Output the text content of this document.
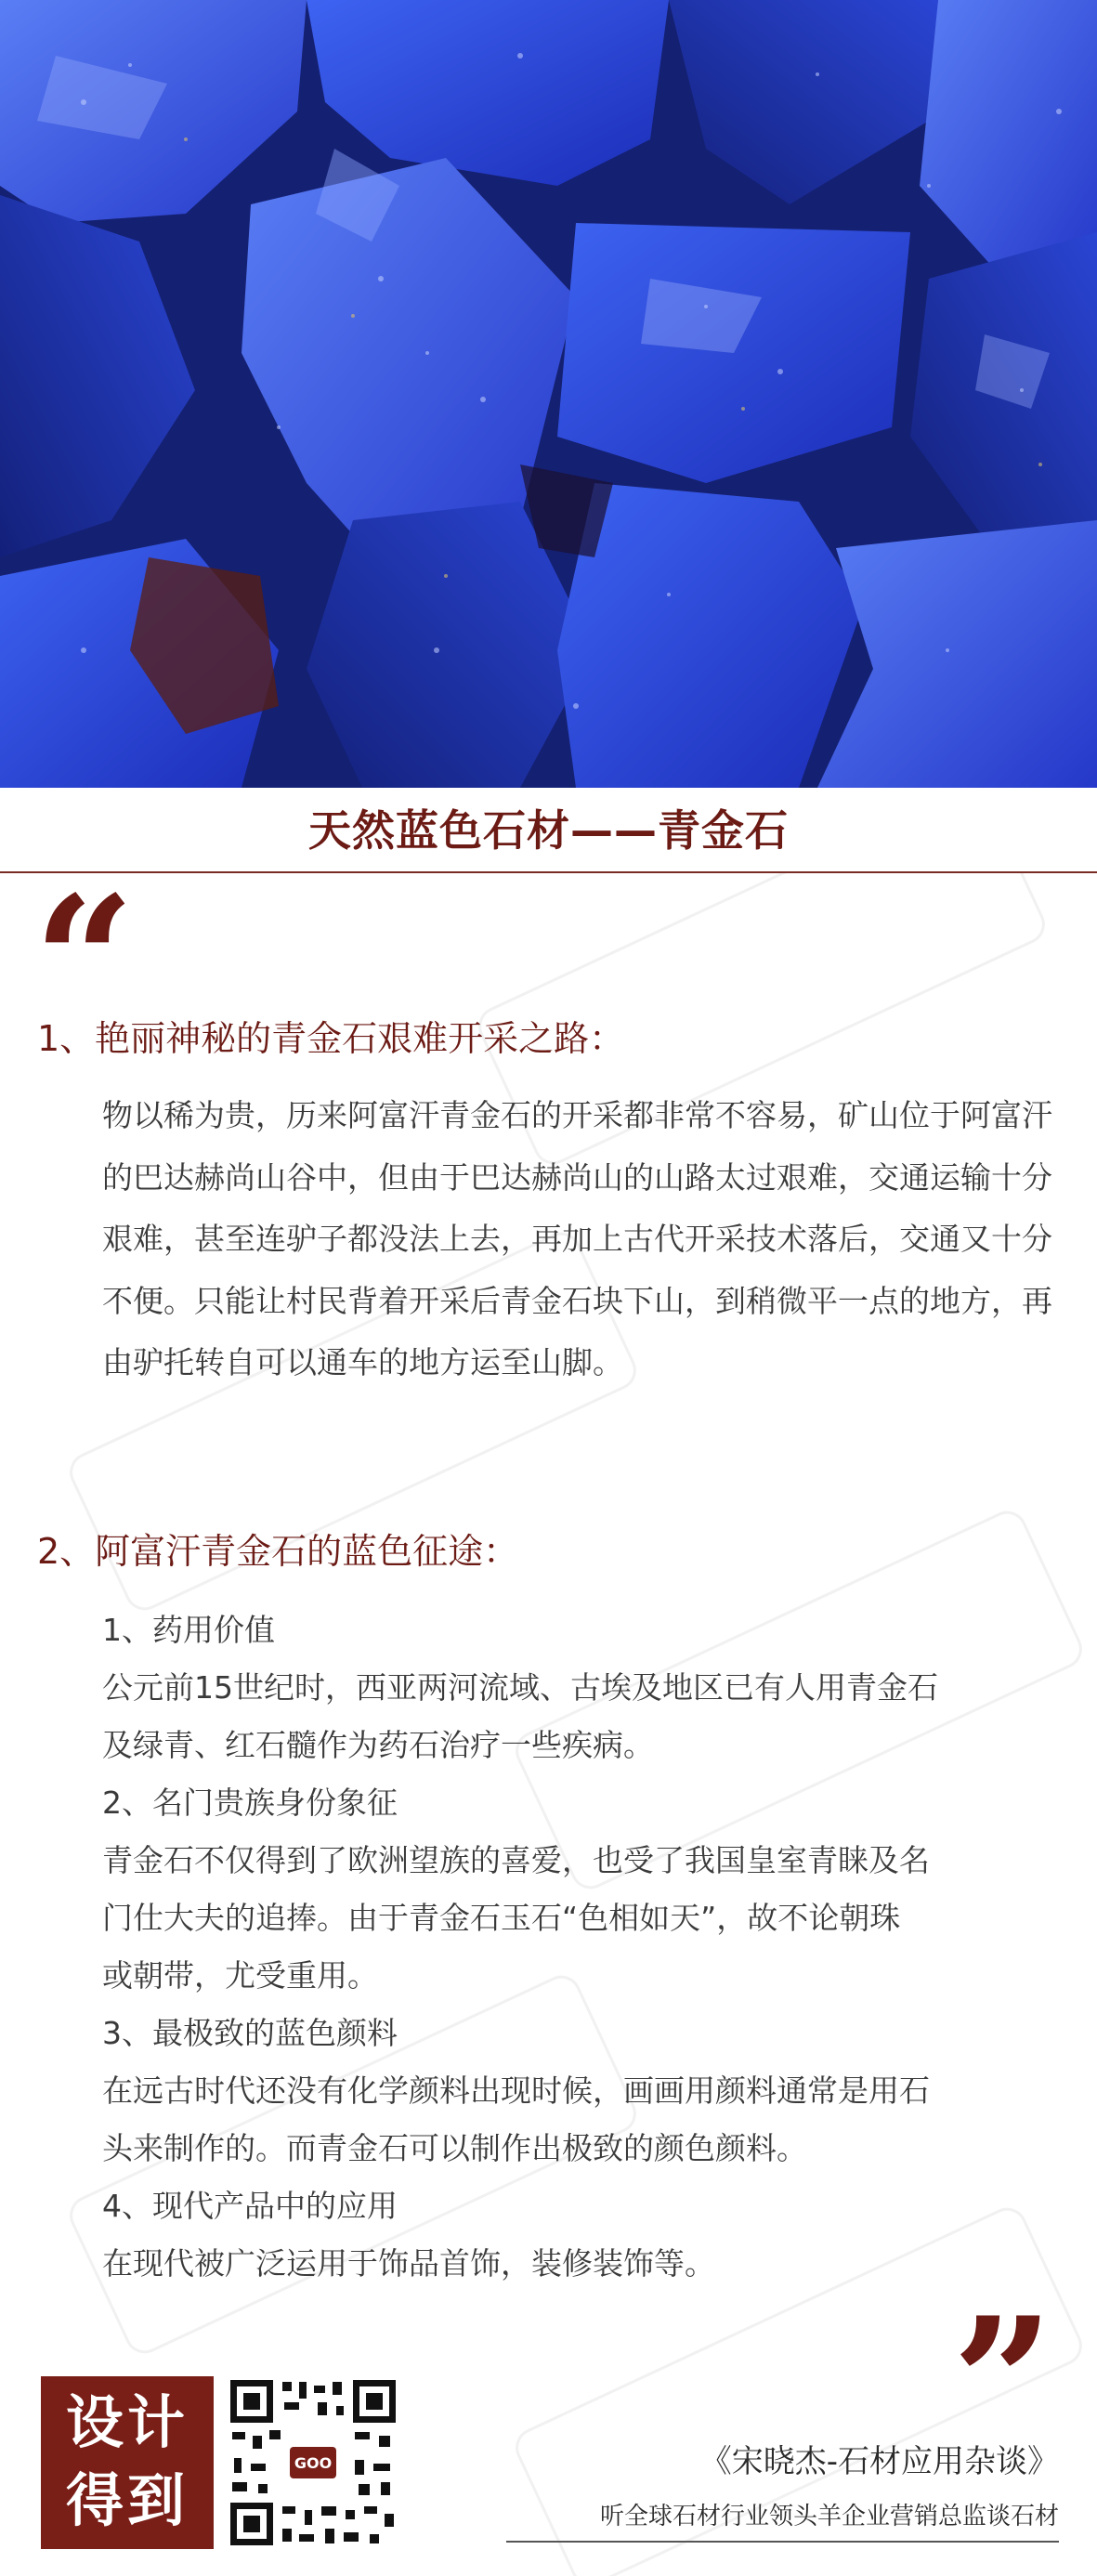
天然蓝色石材——青金石
“
1、艳丽神秘的青金石艰难开采之路：
物以稀为贵，历来阿富汗青金石的开采都非常不容易，矿山位于阿富汗的巴达赫尚山谷中，但由于巴达赫尚山的山路太过艰难，交通运输十分艰难，甚至连驴子都没法上去，再加上古代开采技术落后，交通又十分不便。只能让村民背着开采后青金石块下山，到稍微平一点的地方，再由驴托转自可以通车的地方运至山脚。
2、阿富汗青金石的蓝色征途：
1、药用价值
公元前15世纪时，西亚两河流域、古埃及地区已有人用青金石
及绿青、红石髓作为药石治疗一些疾病。
2、名门贵族身份象征
青金石不仅得到了欧洲望族的喜爱，也受了我国皇室青睐及名
门仕大夫的追捧。由于青金石玉石“色相如天”，故不论朝珠
或朝带，尤受重用。
3、最极致的蓝色颜料
在远古时代还没有化学颜料出现时候，画画用颜料通常是用石
头来制作的。而青金石可以制作出极致的颜色颜料。
4、现代产品中的应用
在现代被广泛运用于饰品首饰，装修装饰等。
”
设计
得到
GOO	《宋晓杰-石材应用杂谈》
听全球石材行业领头羊企业营销总监谈石材
